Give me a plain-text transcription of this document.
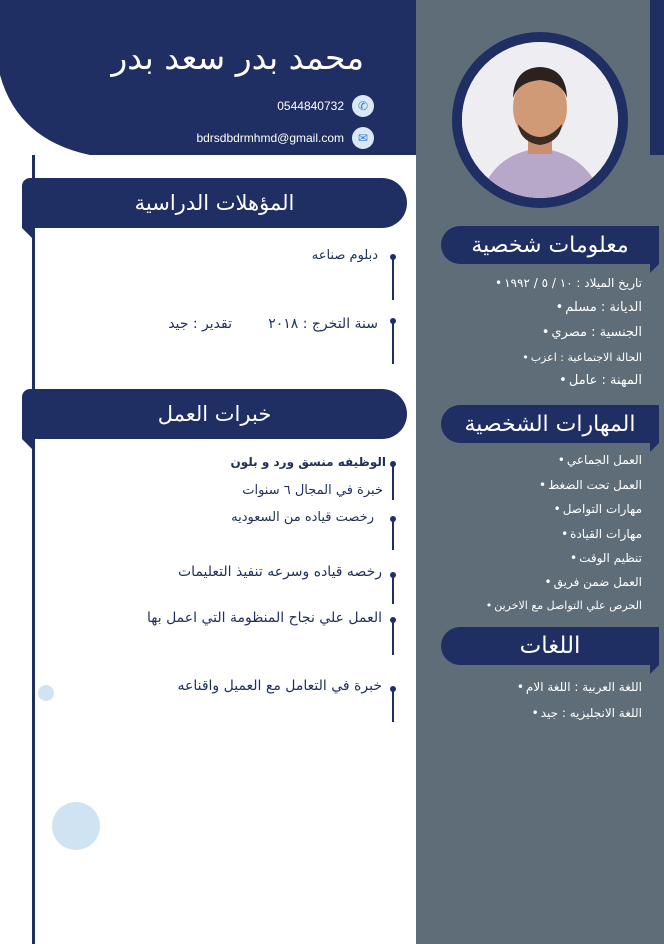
محمد بدر سعد بدر
0544840732	✆
bdrsdbdrmhmd@gmail.com	✉
المؤهلات الدراسية
دبلوم صناعه
سنة التخرج : ٢٠١٨
تقدير : جيد
خبرات العمل
الوظيفه منسق ورد و بلون
خبرة في المجال ٦ سنوات
رخصت قياده من السعوديه
رخصه قياده وسرعه تنفيذ التعليمات
العمل علي نجاح المنظومة التي اعمل بها
خبرة في التعامل مع العميل واقناعه
معلومات شخصية
تاريخ الميلاد : ١٠ / ٥ / ١٩٩٢ •
الديانة : مسلم •
الجنسية : مصري •
الحالة الاجتماعية : اعزب •
المهنة : عامل •
المهارات الشخصية
العمل الجماعي •
العمل تحت الضغط •
مهارات التواصل •
مهارات القيادة •
تنظيم الوقت •
العمل ضمن فريق •
الحرص علي التواصل مع الاخرين •
اللغات
اللغة العربية : اللغة الام •
اللغة الانجليزيه : جيد •
